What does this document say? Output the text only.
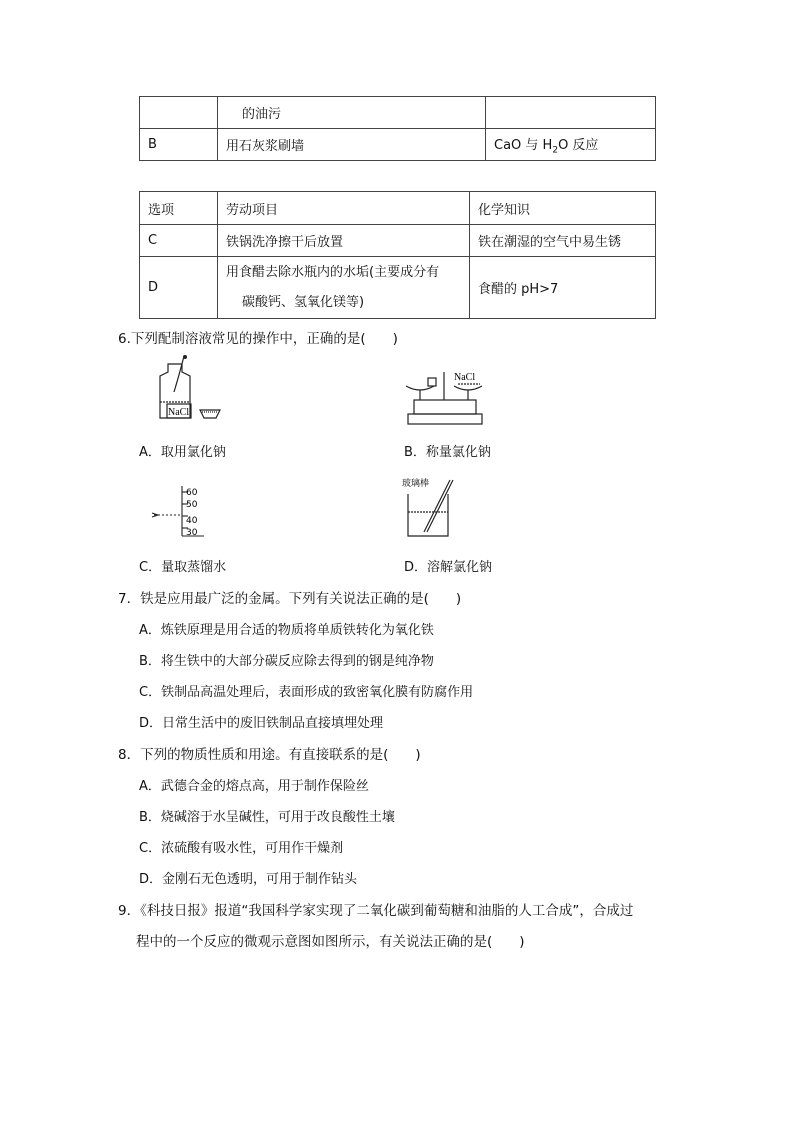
	的油污	
B	用石灰浆刷墙	CaO 与 $H_2O$ 反应
选项	劳动项目	化学知识
C	铁锅洗净擦干后放置	铁在潮湿的空气中易生锈
D	用食醋去除水瓶内的水垢(主要成分有
碳酸钙、氢氧化镁等)	食醋的 pH>7
6.下列配制溶液常见的操作中，正确的是(　　)
NaCl
A．取用氯化钠
NaCl
B．称量氯化钠
60
50
40
30
C．量取蒸馏水
玻璃棒
D．溶解氯化钠
7．铁是应用最广泛的金属。下列有关说法正确的是(　　)
A．炼铁原理是用合适的物质将单质铁转化为氧化铁
B．将生铁中的大部分碳反应除去得到的钢是纯净物
C．铁制品高温处理后，表面形成的致密氧化膜有防腐作用
D．日常生活中的废旧铁制品直接填埋处理
8．下列的物质性质和用途。有直接联系的是(　　)
A．武德合金的熔点高，用于制作保险丝
B．烧碱溶于水呈碱性，可用于改良酸性土壤
C．浓硫酸有吸水性，可用作干燥剂
D．金刚石无色透明，可用于制作钻头
9．《科技日报》报道“我国科学家实现了二氧化碳到葡萄糖和油脂的人工合成”，合成过
程中的一个反应的微观示意图如图所示，有关说法正确的是(　　)
